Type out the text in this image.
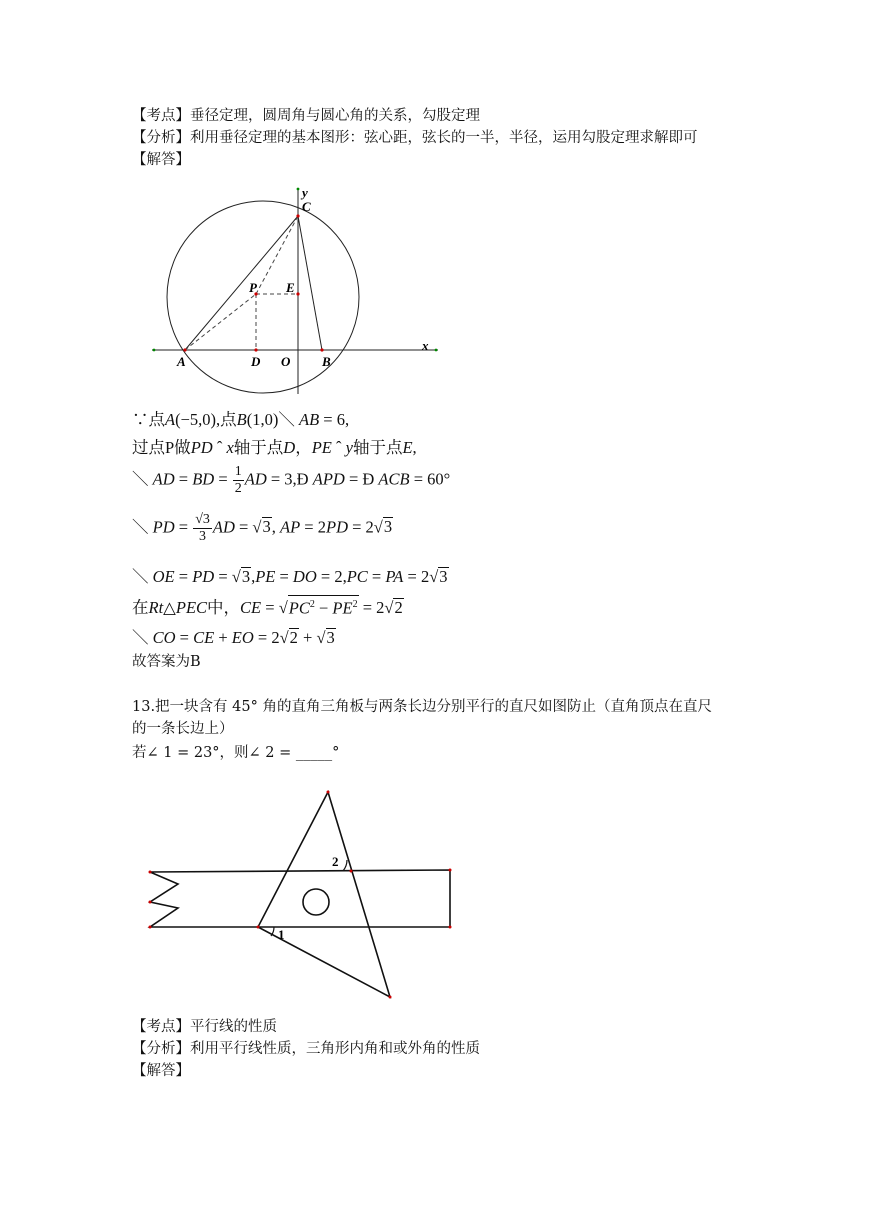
【考点】垂径定理，圆周角与圆心角的关系，勾股定理
【分析】利用垂径定理的基本图形：弦心距，弦长的一半，半径，运用勾股定理求解即可
【解答】
y
C
P E
x
A	D O B
∵点A(−5,0),点B(1,0)＼ AB = 6,
过点P做PD ˆ x轴于点D，PE ˆ y轴于点E,
＼ AD = BD = $\frac{1}{2}$ AD = 3,Ð APD = Ð ACB = 60°
＼ PD = $\frac{√3}{3}$ AD = √3, AP = 2PD = 2√3
＼ OE = PD = √3,PE = DO = 2,PC = PA = 2√3
在Rt△PEC中，CE = $√PC^2 - PE^2 = 2√2$
＼ CO = CE + EO = 2√2 + √3
故答案为B
13.把一块含有 45° 角的直角三角板与两条长边分别平行的直尺如图防止（直角顶点在直尺
的一条长边上）
若∠ 1 = 23°，则∠ 2 = _____°
2
1
【考点】平行线的性质
【分析】利用平行线性质，三角形内角和或外角的性质
【解答】
